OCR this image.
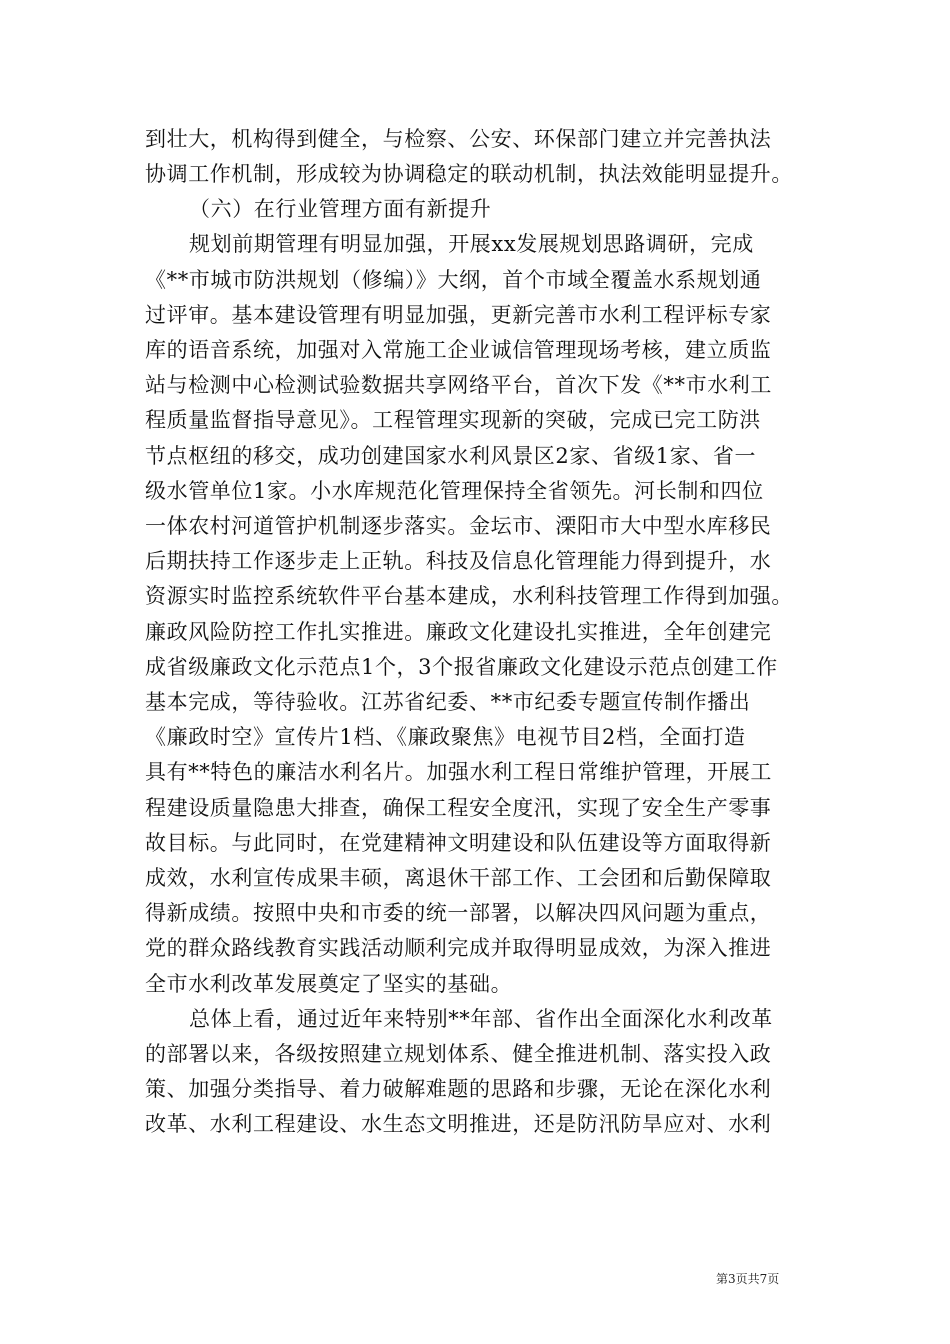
到壮大，机构得到健全，与检察、公安、环保部门建立并完善执法
协调工作机制，形成较为协调稳定的联动机制，执法效能明显提升。
（六）在行业管理方面有新提升
规划前期管理有明显加强，开展xx发展规划思路调研，完成
《**市城市防洪规划（修编）》大纲，首个市域全覆盖水系规划通
过评审。基本建设管理有明显加强，更新完善市水利工程评标专家
库的语音系统，加强对入常施工企业诚信管理现场考核，建立质监
站与检测中心检测试验数据共享网络平台，首次下发《**市水利工
程质量监督指导意见》。工程管理实现新的突破，完成已完工防洪
节点枢纽的移交，成功创建国家水利风景区2家、省级1家、省一
级水管单位1家。小水库规范化管理保持全省领先。河长制和四位
一体农村河道管护机制逐步落实。金坛市、溧阳市大中型水库移民
后期扶持工作逐步走上正轨。科技及信息化管理能力得到提升，水
资源实时监控系统软件平台基本建成，水利科技管理工作得到加强。
廉政风险防控工作扎实推进。廉政文化建设扎实推进，全年创建完
成省级廉政文化示范点1个，3个报省廉政文化建设示范点创建工作
基本完成，等待验收。江苏省纪委、**市纪委专题宣传制作播出
《廉政时空》宣传片1档、《廉政聚焦》电视节目2档，全面打造
具有**特色的廉洁水利名片。加强水利工程日常维护管理，开展工
程建设质量隐患大排查，确保工程安全度汛，实现了安全生产零事
故目标。与此同时，在党建精神文明建设和队伍建设等方面取得新
成效，水利宣传成果丰硕，离退休干部工作、工会团和后勤保障取
得新成绩。按照中央和市委的统一部署，以解决四风问题为重点，
党的群众路线教育实践活动顺利完成并取得明显成效，为深入推进
全市水利改革发展奠定了坚实的基础。
总体上看，通过近年来特别**年部、省作出全面深化水利改革
的部署以来，各级按照建立规划体系、健全推进机制、落实投入政
策、加强分类指导、着力破解难题的思路和步骤，无论在深化水利
改革、水利工程建设、水生态文明推进，还是防汛防旱应对、水利
第3页共7页
